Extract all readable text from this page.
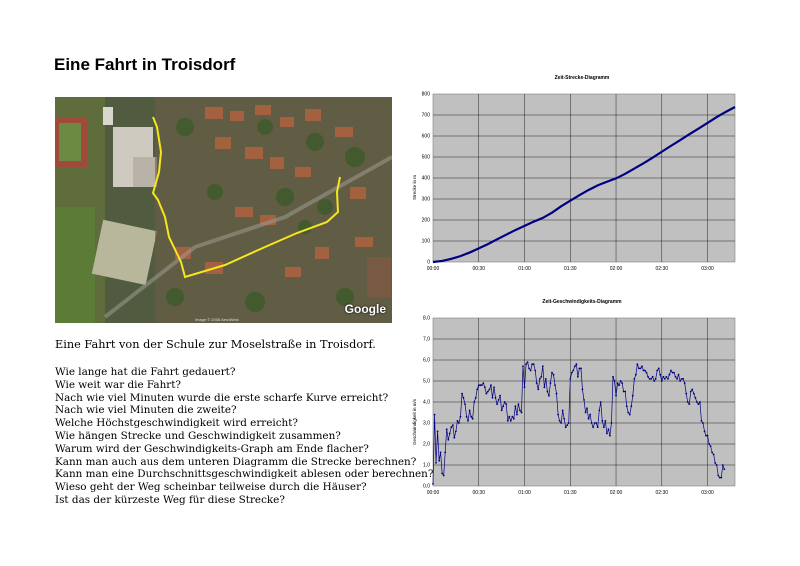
Eine Fahrt in Troisdorf
Image © 2008 AeroWest
Google
Eine Fahrt von der Schule zur Moselstraße in Troisdorf.
Wie lange hat die Fahrt gedauert?
Wie weit war die Fahrt?
Nach wie viel Minuten wurde die erste scharfe Kurve erreicht?
Nach wie viel Minuten die zweite?
Welche Höchstgeschwindigkeit wird erreicht?
Wie hängen Strecke und Geschwindigkeit zusammen?
Warum wird der Geschwindigkeits-Graph am Ende flacher?
Kann man auch aus dem unteren Diagramm die Strecke berechnen?
Kann man eine Durchschnittsgeschwindigkeit ablesen oder berechnen?
Wieso geht der Weg scheinbar teilweise durch die Häuser?
Ist das der kürzeste Weg für diese Strecke?
Zeit-Strecke-Diagramm
Strecke in m
0
100
200
300
400
500
600
700
800
00:00	00:30	01:00	01:30	02:00	02:30	03:00
Zeit-Geschwindigkeits-Diagramm
Geschwindigkeit in m/s
0,0
1,0
2,0
3,0
4,0
5,0
6,0
7,0
8,0
00:00	00:30	01:00	01:30	02:00	02:30	03:00
